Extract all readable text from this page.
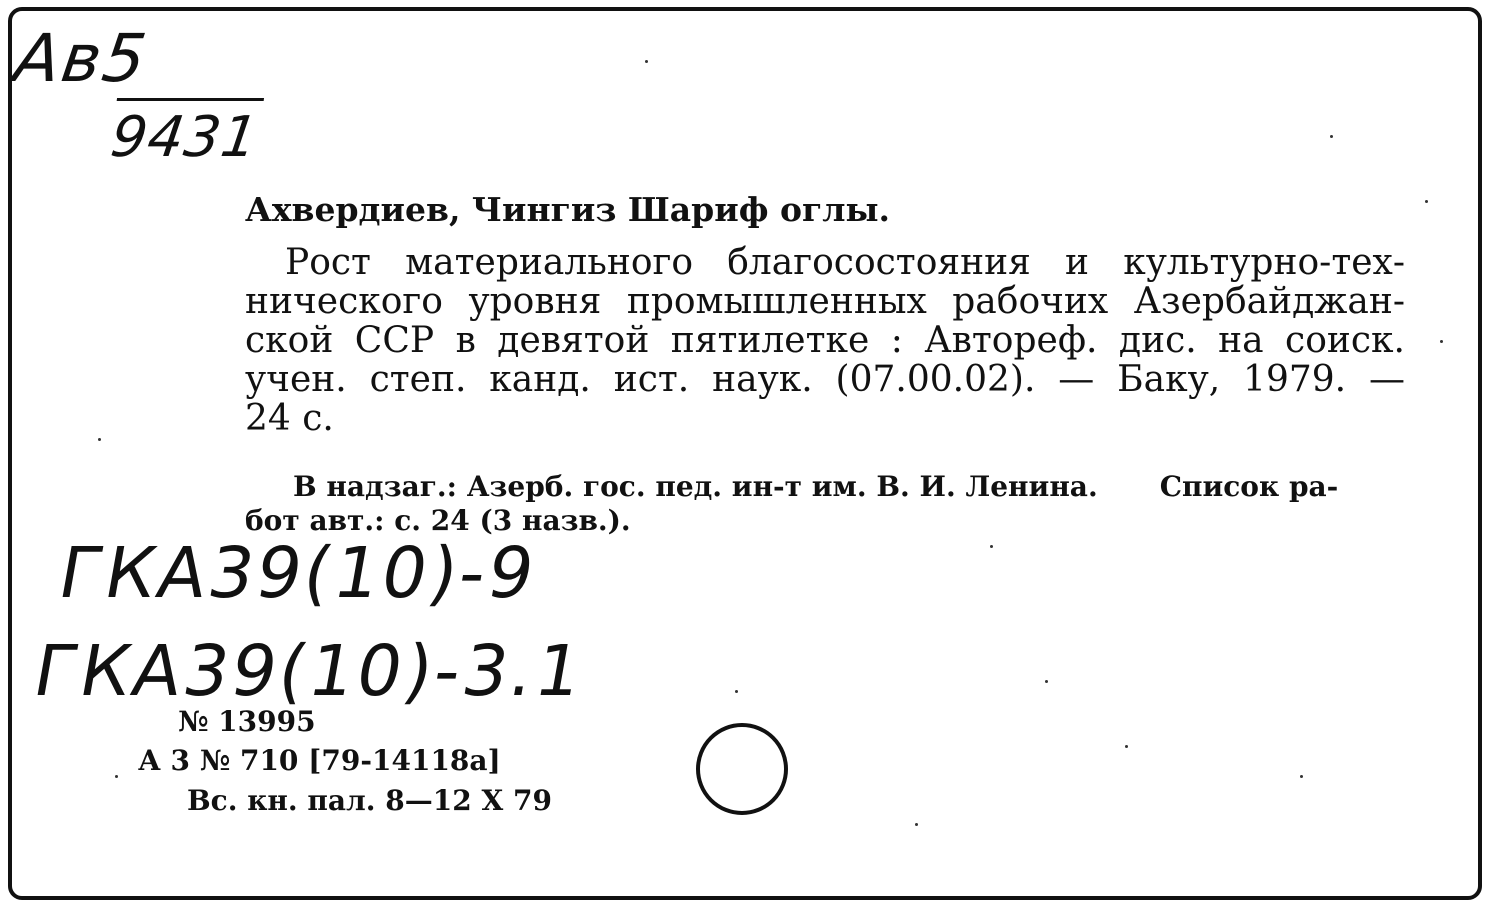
Ав5
9431
Ахвердиев, Чингиз Шариф оглы.
Рост материального благосостояния и культурно-тех-
нического уровня промышленных рабочих Азербайджан-
ской ССР в девятой пятилетке : Автореф. дис. на соиск.
учен. степ. канд. ист. наук. (07.00.02). — Баку, 1979. —
24 с.
В надзаг.: Азерб. гос. пед. ин-т им. В. И. Ленина. Список ра-
бот авт.: с. 24 (3 назв.).
ГКА39(10)-9
ГКА39(10)-3.1
№ 13995
А 3 № 710 [79-14118а]
Вс. кн. пал. 8—12 X 79
